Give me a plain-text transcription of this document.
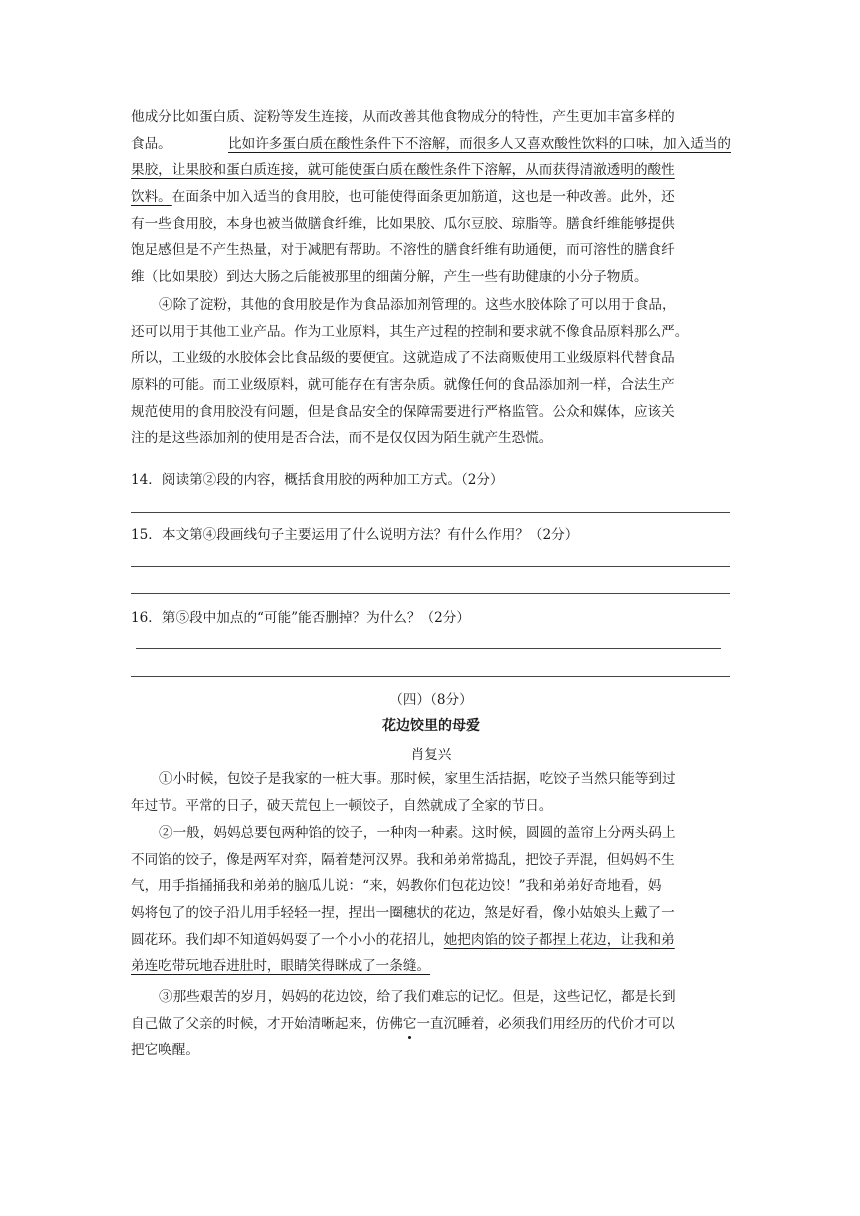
他成分比如蛋白质、淀粉等发生连接，从而改善其他食物成分的特性，产生更加丰富多样的
食品。	比如许多蛋白质在酸性条件下不溶解，而很多人又喜欢酸性饮料的口味，加入适当的
果胶，让果胶和蛋白质连接，就可能使蛋白质在酸性条件下溶解，从而获得清澈透明的酸性
饮料。 在面条中加入适当的食用胶，也可能使得面条更加筋道，这也是一种改善。此外，还
有一些食用胶，本身也被当做膳食纤维，比如果胶、瓜尔豆胶、琼脂等。膳食纤维能够提供
饱足感但是不产生热量，对于减肥有帮助。不溶性的膳食纤维有助通便，而可溶性的膳食纤
维（比如果胶）到达大肠之后能被那里的细菌分解，产生一些有助健康的小分子物质。
④除了淀粉，其他的食用胶是作为食品添加剂管理的。这些水胶体除了可以用于食品，
还可以用于其他工业产品。作为工业原料，其生产过程的控制和要求就不像食品原料那么严。
所以，工业级的水胶体会比食品级的要便宜。这就造成了不法商贩使用工业级原料代替食品
原料的可能。而工业级原料，就可能存在有害杂质。就像任何的食品添加剂一样，合法生产
规范使用的食用胶没有问题，但是食品安全的保障需要进行严格监管。公众和媒体，应该关
注的是这些添加剂的使用是否合法，而不是仅仅因为陌生就产生恐慌。
14．阅读第②段的内容，概括食用胶的两种加工方式。（2分）
15．本文第④段画线句子主要运用了什么说明方法？有什么作用？（2分）
16．第⑤段中加点的“可能”能否删掉？为什么？（2分）
（四）（8分）
花边饺里的母爱
肖复兴
①小时候，包饺子是我家的一桩大事。那时候，家里生活拮据，吃饺子当然只能等到过
年过节。平常的日子，破天荒包上一顿饺子，自然就成了全家的节日。
②一般，妈妈总要包两种馅的饺子，一种肉一种素。这时候，圆圆的盖帘上分两头码上
不同馅的饺子，像是两军对弈，隔着楚河汉界。我和弟弟常捣乱，把饺子弄混，但妈妈不生
气，用手指捅捅我和弟弟的脑瓜儿说：“来，妈教你们包花边饺！”我和弟弟好奇地看，妈
妈将包了的饺子沿儿用手轻轻一捏，捏出一圈穗状的花边，煞是好看，像小姑娘头上戴了一
圆花环。我们却不知道妈妈耍了一个小小的花招儿， 她把肉馅的饺子都捏上花边，让我和弟
弟连吃带玩地吞进肚时，眼睛笑得眯成了一条缝。
③那些艰苦的岁月，妈妈的花边饺，给了我们难忘的记忆。但是，这些记忆，都是长到
自己做了父亲的时候，才开始清晰起来，仿佛 它 一直沉睡着，必须我们用经历的代价才可以
把它唤醒。
